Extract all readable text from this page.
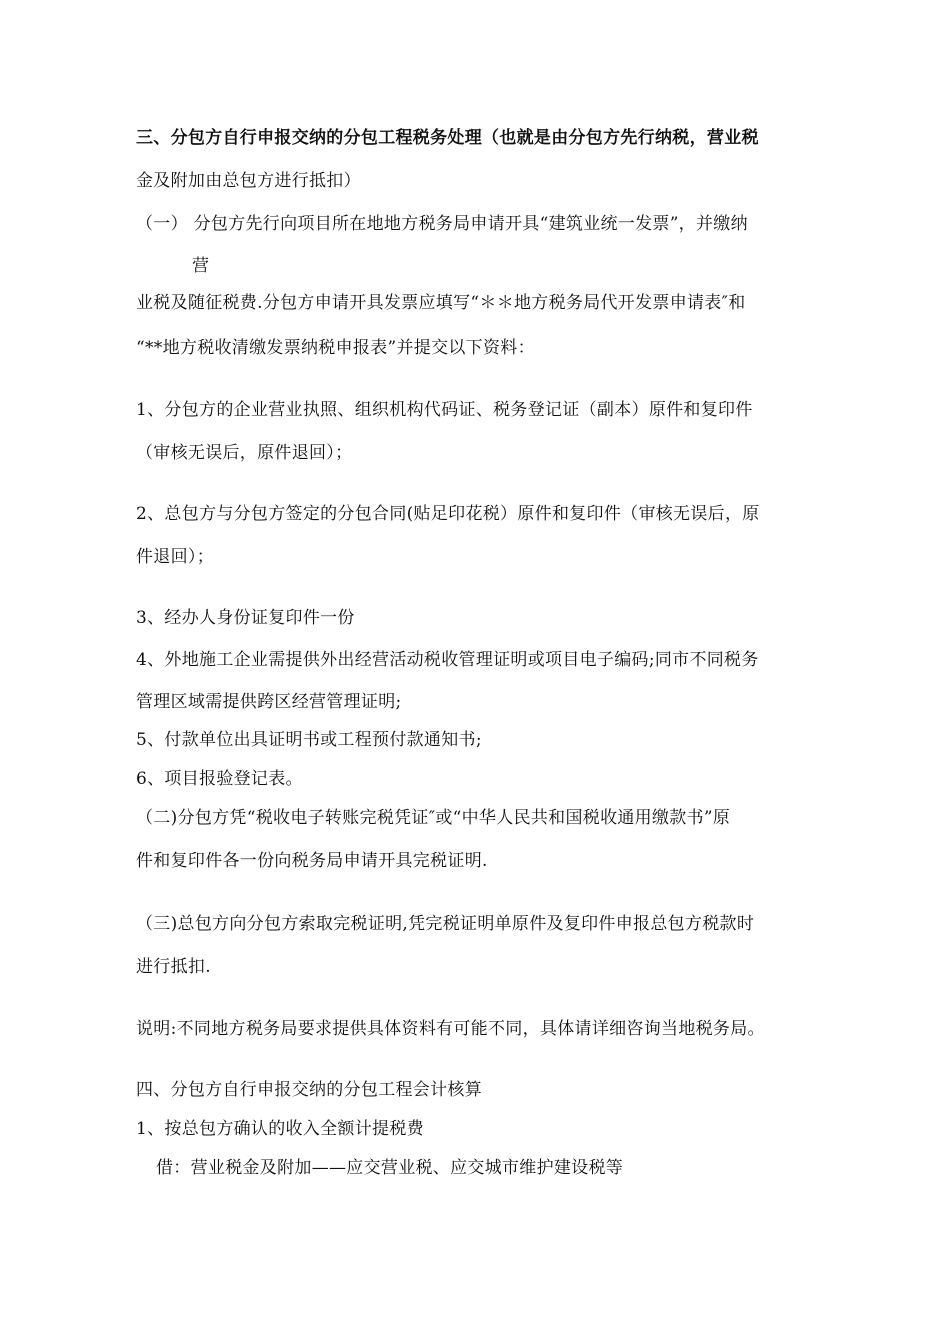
三、分包方自行申报交纳的分包工程税务处理（也就是由分包方先行纳税，营业税
金及附加由总包方进行抵扣）
（一） 分包方先行向项目所在地地方税务局申请开具“建筑业统一发票”，并缴纳
营
业税及随征税费.分包方申请开具发票应填写“＊＊地方税务局代开发票申请表″和
“**地方税收清缴发票纳税申报表”并提交以下资料：
1、分包方的企业营业执照、组织机构代码证、税务登记证（副本）原件和复印件
（审核无误后，原件退回）；
2、总包方与分包方签定的分包合同(贴足印花税）原件和复印件（审核无误后，原
件退回）；
3、经办人身份证复印件一份
4、外地施工企业需提供外出经营活动税收管理证明或项目电子编码;同市不同税务
管理区域需提供跨区经营管理证明;
5、付款单位出具证明书或工程预付款通知书;
6、项目报验登记表。
（二)分包方凭“税收电子转账完税凭证″或“中华人民共和国税收通用缴款书”原
件和复印件各一份向税务局申请开具完税证明.
（三)总包方向分包方索取完税证明,凭完税证明单原件及复印件申报总包方税款时
进行抵扣.
说明:不同地方税务局要求提供具体资料有可能不同，具体请详细咨询当地税务局。
四、分包方自行申报交纳的分包工程会计核算
1、按总包方确认的收入全额计提税费
借：营业税金及附加——应交营业税、应交城市维护建设税等
